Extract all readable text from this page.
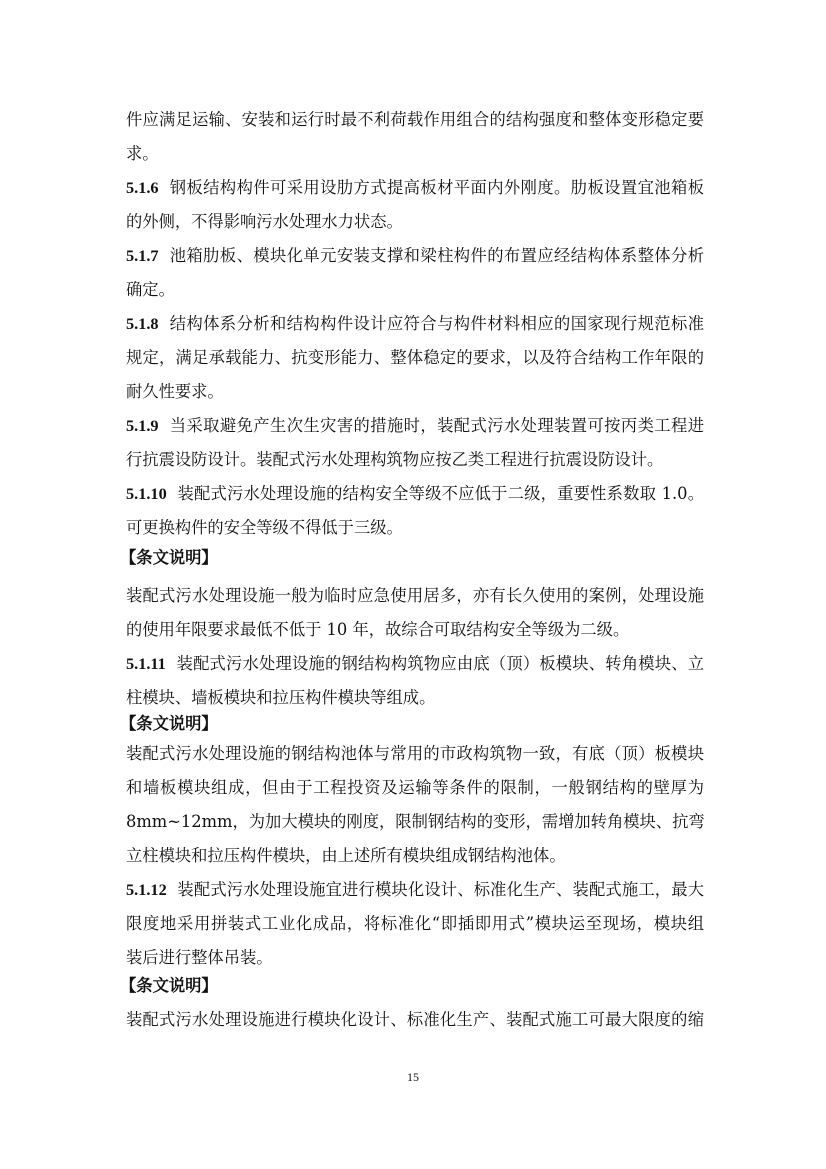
件应满足运输、安装和运行时最不利荷载作用组合的结构强度和整体变形稳定要
求。
5.1.6 钢板结构构件可采用设肋方式提高板材平面内外刚度。肋板设置宜池箱板
的外侧，不得影响污水处理水力状态。
5.1.7 池箱肋板、模块化单元安装支撑和梁柱构件的布置应经结构体系整体分析
确定。
5.1.8 结构体系分析和结构构件设计应符合与构件材料相应的国家现行规范标准
规定，满足承载能力、抗变形能力、整体稳定的要求，以及符合结构工作年限的
耐久性要求。
5.1.9 当采取避免产生次生灾害的措施时，装配式污水处理装置可按丙类工程进
行抗震设防设计。装配式污水处理构筑物应按乙类工程进行抗震设防设计。
5.1.10 装配式污水处理设施的结构安全等级不应低于二级，重要性系数取 1.0。
可更换构件的安全等级不得低于三级。
【条文说明】
装配式污水处理设施一般为临时应急使用居多，亦有长久使用的案例，处理设施
的使用年限要求最低不低于 10 年，故综合可取结构安全等级为二级。
5.1.11 装配式污水处理设施的钢结构构筑物应由底（顶）板模块、转角模块、立
柱模块、墙板模块和拉压构件模块等组成。
【条文说明】
装配式污水处理设施的钢结构池体与常用的市政构筑物一致，有底（顶）板模块
和墙板模块组成，但由于工程投资及运输等条件的限制，一般钢结构的壁厚为
8mm~12mm，为加大模块的刚度，限制钢结构的变形，需增加转角模块、抗弯
立柱模块和拉压构件模块，由上述所有模块组成钢结构池体。
5.1.12 装配式污水处理设施宜进行模块化设计、标准化生产、装配式施工，最大
限度地采用拼装式工业化成品，将标准化“即插即用式”模块运至现场，模块组
装后进行整体吊装。
【条文说明】
装配式污水处理设施进行模块化设计、标准化生产、装配式施工可最大限度的缩
15
